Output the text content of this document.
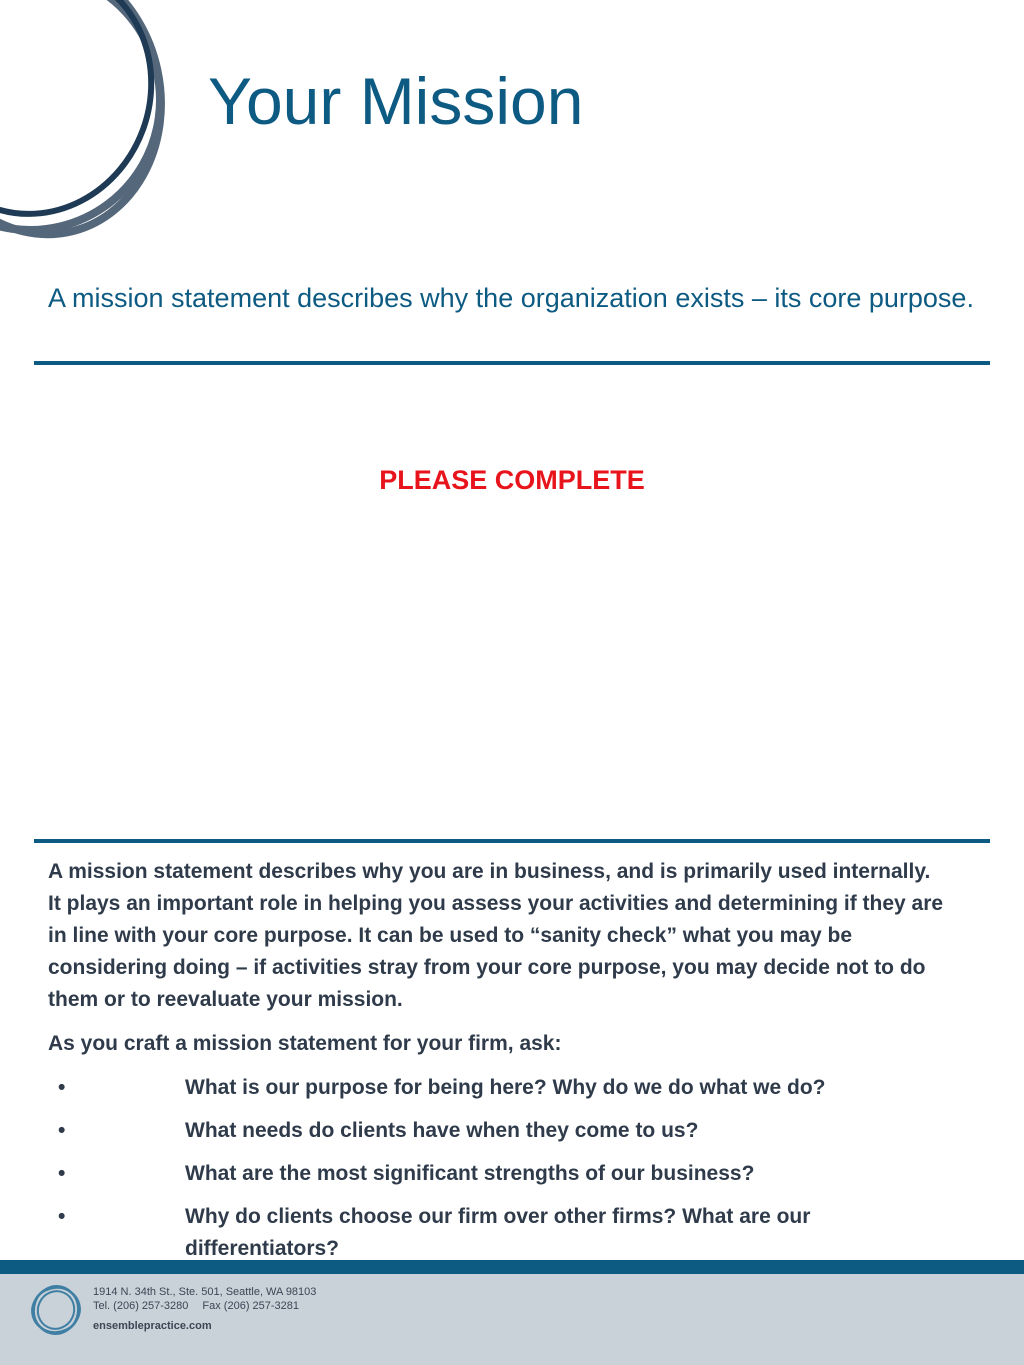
Your Mission
A mission statement describes why the organization exists – its core purpose.
PLEASE COMPLETE

A mission statement describes why you are in business, and is primarily used internally. It plays an important role in helping you assess your activities and determining if they are in line with your core purpose. It can be used to “sanity check” what you may be considering doing – if activities stray from your core purpose, you may decide not to do them or to reevaluate your mission.

As you craft a mission statement for your firm, ask:

•	What is our purpose for being here? Why do we do what we do?
•	What needs do clients have when they come to us?
•	What are the most significant strengths of our business?
•	Why do clients choose our firm over other firms? What are our differentiators?
1914 N. 34th St., Ste. 501, Seattle, WA 98103
Tel. (206) 257-3280 Fax (206) 257-3281
ensemblepractice.com
